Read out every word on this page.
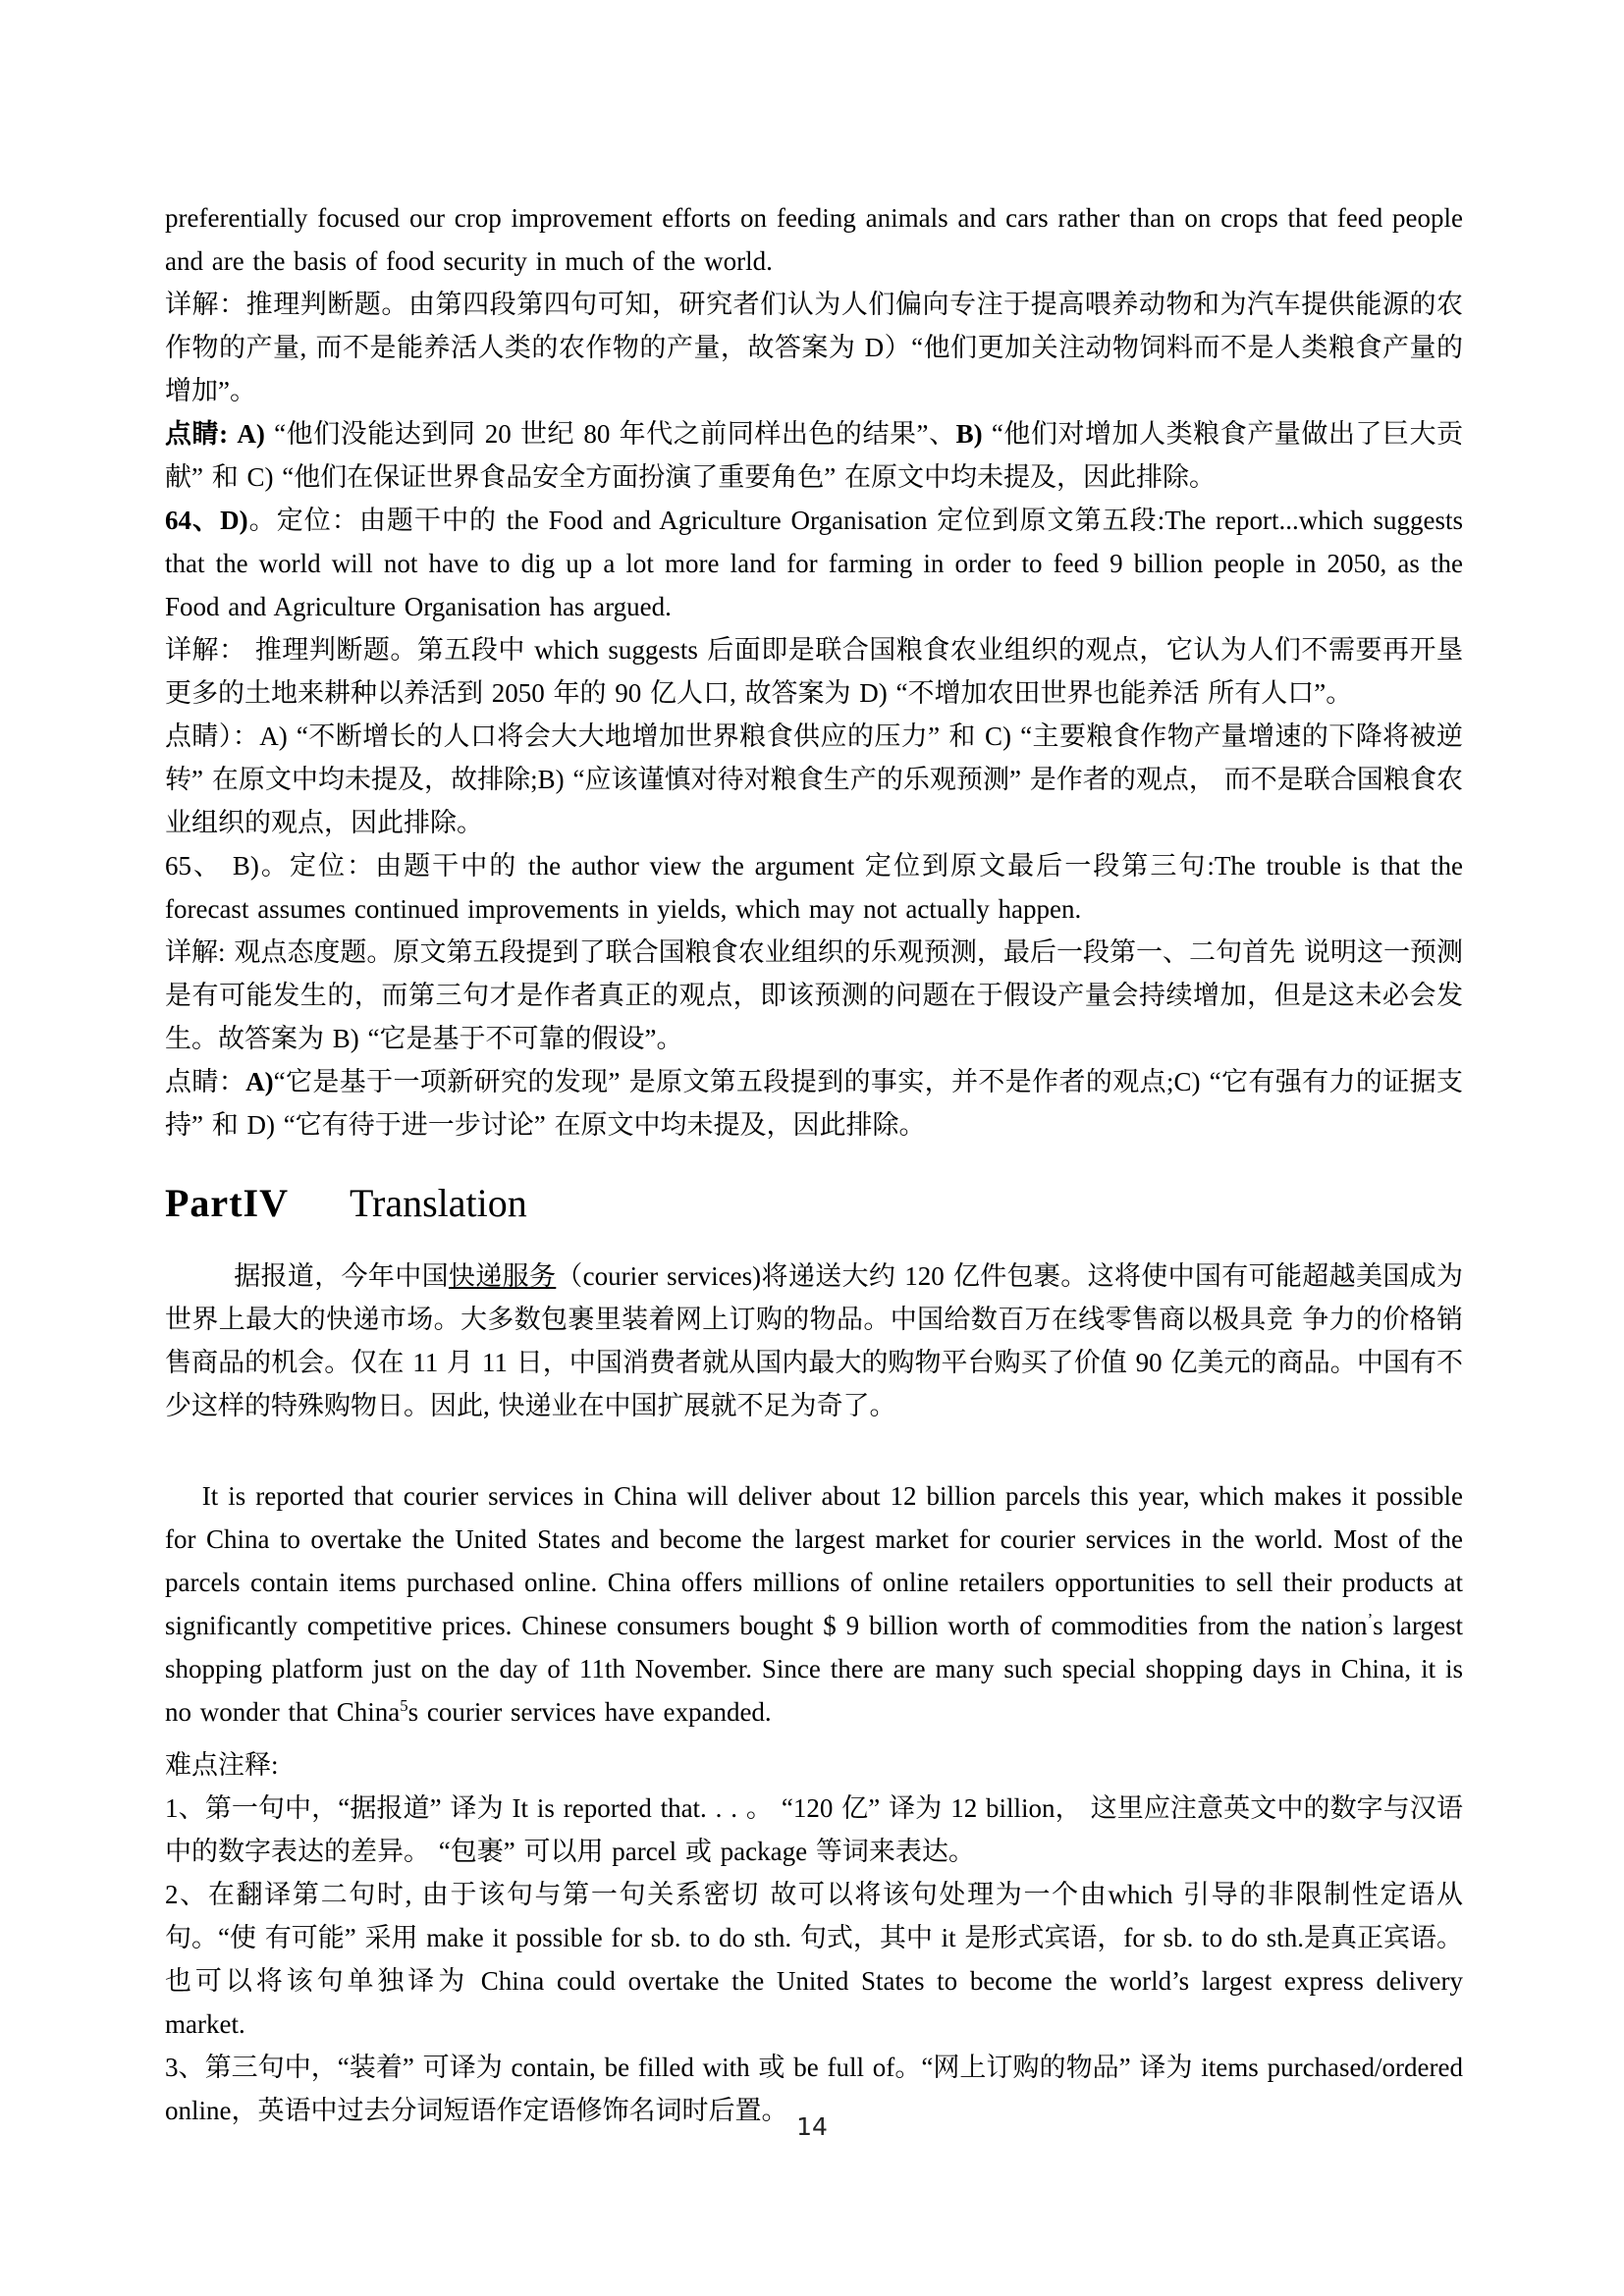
preferentially focused our crop improvement efforts on feeding animals and cars rather than on crops that feed people and are the basis of food security in much of the world.

详解：推理判断题。由第四段第四句可知，研究者们认为人们偏向专注于提高喂养动物和为汽车提供能源的农作物的产量, 而不是能养活人类的农作物的产量，故答案为 D）“他们更加关注动物饲料而不是人类粮食产量的增加”。

点睛: A) “他们没能达到同 20 世纪 80 年代之前同样出色的结果”、B) “他们对增加人类粮食产量做出了巨大贡献” 和 C) “他们在保证世界食品安全方面扮演了重要角色” 在原文中均未提及，因此排除。

64、D)。定位：由题干中的 the Food and Agriculture Organisation 定位到原文第五段:The report...which suggests that the world will not have to dig up a lot more land for farming in order to feed 9 billion people in 2050, as the Food and Agriculture Organisation has argued.

详解： 推理判断题。第五段中 which suggests 后面即是联合国粮食农业组织的观点，它认为人们不需要再开垦更多的土地来耕种以养活到 2050 年的 90 亿人口, 故答案为 D) “不增加农田世界也能养活 所有人口”。

点睛）：A) “不断增长的人口将会大大地增加世界粮食供应的压力” 和 C) “主要粮食作物产量增速的下降将被逆转” 在原文中均未提及，故排除;B) “应该谨慎对待对粮食生产的乐观预测” 是作者的观点， 而不是联合国粮食农业组织的观点，因此排除。

65、 B)。定位：由题干中的 the author view the argument 定位到原文最后一段第三句:The trouble is that the forecast assumes continued improvements in yields, which may not actually happen.

详解: 观点态度题。原文第五段提到了联合国粮食农业组织的乐观预测，最后一段第一、二句首先 说明这一预测是有可能发生的，而第三句才是作者真正的观点，即该预测的问题在于假设产量会持续增加，但是这未必会发生。故答案为 B) “它是基于不可靠的假设”。

点睛：A)“它是基于一项新研究的发现” 是原文第五段提到的事实，并不是作者的观点;C) “它有强有力的证据支持” 和 D) “它有待于进一步讨论” 在原文中均未提及，因此排除。

PartIV Translation

据报道，今年中国快递服务（courier services)将递送大约 120 亿件包裹。这将使中国有可能超越美国成为世界上最大的快递市场。大多数包裹里装着网上订购的物品。中国给数百万在线零售商以极具竞 争力的价格销售商品的机会。仅在 11 月 11 日，中国消费者就从国内最大的购物平台购买了价值 90 亿美元的商品。中国有不少这样的特殊购物日。因此, 快递业在中国扩展就不足为奇了。

It is reported that courier services in China will deliver about 12 billion parcels this year, which makes it possible for China to overtake the United States and become the largest market for courier services in the world. Most of the parcels contain items purchased online. China offers millions of online retailers opportunities to sell their products at significantly competitive prices. Chinese consumers bought $ 9 billion worth of commodities from the nation’s largest shopping platform just on the day of 11th November. Since there are many such special shopping days in China, it is no wonder that China$^5$s courier services have expanded.

难点注释:

1、第一句中，“据报道” 译为 It is reported that. . . 。 “120 亿” 译为 12 billion， 这里应注意英文中的数字与汉语中的数字表达的差异。 “包裹” 可以用 parcel 或 package 等词来表达。

2、在翻译第二句时, 由于该句与第一句关系密切 故可以将该句处理为一个由which 引导的非限制性定语从句。“使 有可能” 采用 make it possible for sb. to do sth. 句式，其中 it 是形式宾语，for sb. to do sth.是真正宾语。也可以将该句单独译为 China could overtake the United States to become the world’s largest express delivery market.

3、第三句中，“装着” 可译为 contain, be filled with 或 be full of。“网上订购的物品” 译为 items purchased/ordered online，英语中过去分词短语作定语修饰名词时后置。

14
